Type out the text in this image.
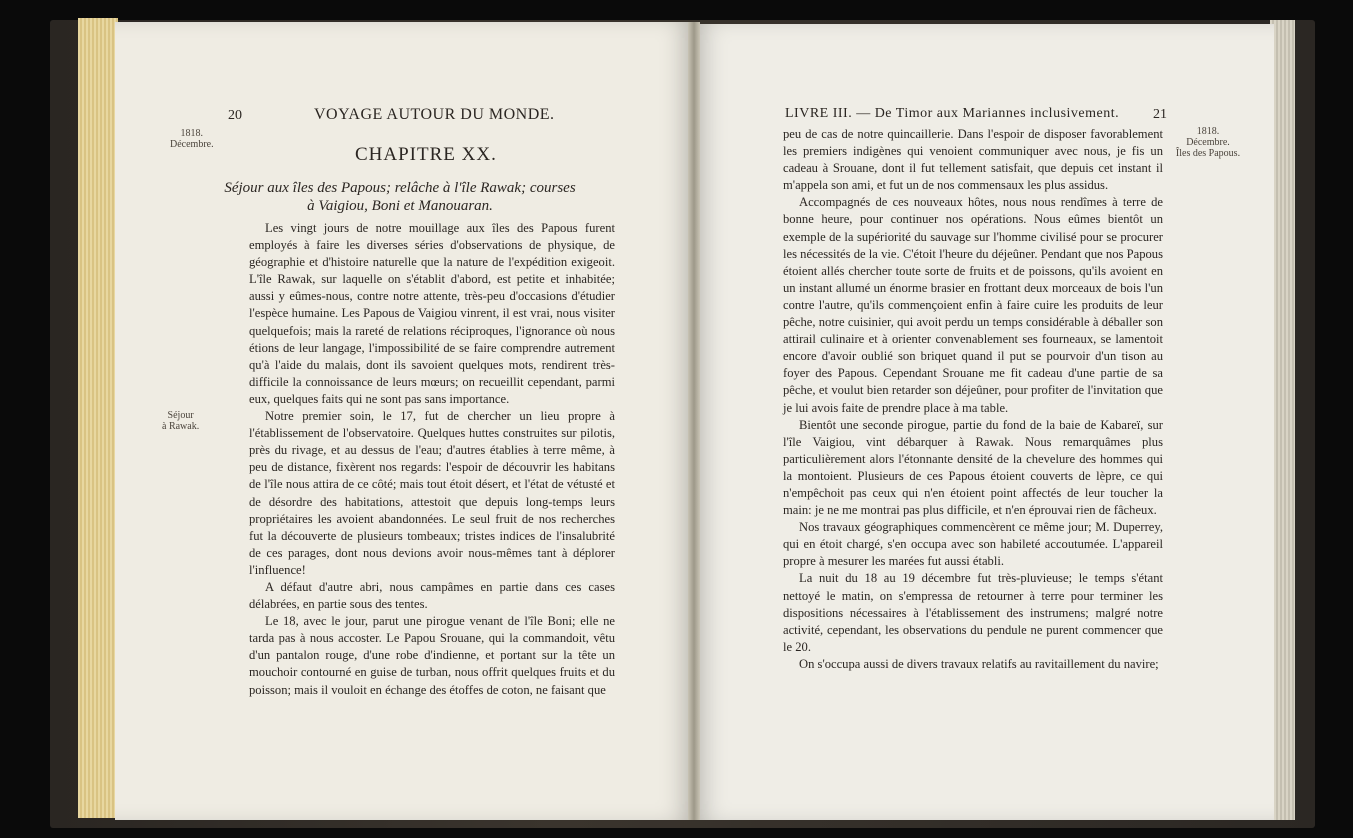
20	VOYAGE AUTOUR DU MONDE.
1818.
Décembre.	CHAPITRE XX.
Séjour aux îles des Papous; relâche à l'île Rawak; courses
à Vaigiou, Boni et Manouaran.
Séjour
à Rawak.

Les vingt jours de notre mouillage aux îles des Papous furent employés à faire les diverses séries d'observations de physique, de géographie et d'histoire naturelle que la nature de l'expédition exigeoit. L'île Rawak, sur laquelle on s'établit d'abord, est petite et inhabitée; aussi y eûmes-nous, contre notre attente, très-peu d'occasions d'étudier l'espèce humaine. Les Papous de Vaigiou vinrent, il est vrai, nous visiter quelquefois; mais la rareté de relations réciproques, l'ignorance où nous étions de leur langage, l'impossibilité de se faire comprendre autrement qu'à l'aide du malais, dont ils savoient quelques mots, rendirent très-difficile la connoissance de leurs mœurs; on recueillit cependant, parmi eux, quelques faits qui ne sont pas sans importance.

Notre premier soin, le 17, fut de chercher un lieu propre à l'établissement de l'observatoire. Quelques huttes construites sur pilotis, près du rivage, et au dessus de l'eau; d'autres établies à terre même, à peu de distance, fixèrent nos regards: l'espoir de découvrir les habitans de l'île nous attira de ce côté; mais tout étoit désert, et l'état de vétusté et de désordre des habitations, attestoit que depuis long-temps leurs propriétaires les avoient abandonnées. Le seul fruit de nos recherches fut la découverte de plusieurs tombeaux; tristes indices de l'insalubrité de ces parages, dont nous devions avoir nous-mêmes tant à déplorer l'influence!

A défaut d'autre abri, nous campâmes en partie dans ces cases délabrées, en partie sous des tentes.

Le 18, avec le jour, parut une pirogue venant de l'île Boni; elle ne tarda pas à nous accoster. Le Papou Srouane, qui la commandoit, vêtu d'un pantalon rouge, d'une robe d'indienne, et portant sur la tête un mouchoir contourné en guise de turban, nous offrit quelques fruits et du poisson; mais il vouloit en échange des étoffes de coton, ne faisant que

LIVRE III. — De Timor aux Mariannes inclusivement. 21
1818.
Décembre.
Îles des Papous.

peu de cas de notre quincaillerie. Dans l'espoir de disposer favorablement les premiers indigènes qui venoient communiquer avec nous, je fis un cadeau à Srouane, dont il fut tellement satisfait, que depuis cet instant il m'appela son ami, et fut un de nos commensaux les plus assidus.

Accompagnés de ces nouveaux hôtes, nous nous rendîmes à terre de bonne heure, pour continuer nos opérations. Nous eûmes bientôt un exemple de la supériorité du sauvage sur l'homme civilisé pour se procurer les nécessités de la vie. C'étoit l'heure du déjeûner. Pendant que nos Papous étoient allés chercher toute sorte de fruits et de poissons, qu'ils avoient en un instant allumé un énorme brasier en frottant deux morceaux de bois l'un contre l'autre, qu'ils commençoient enfin à faire cuire les produits de leur pêche, notre cuisinier, qui avoit perdu un temps considérable à déballer son attirail culinaire et à orienter convenablement ses fourneaux, se lamentoit encore d'avoir oublié son briquet quand il put se pourvoir d'un tison au foyer des Papous. Cependant Srouane me fit cadeau d'une partie de sa pêche, et voulut bien retarder son déjeûner, pour profiter de l'invitation que je lui avois faite de prendre place à ma table.

Bientôt une seconde pirogue, partie du fond de la baie de Kabareï, sur l'île Vaigiou, vint débarquer à Rawak. Nous remarquâmes plus particulièrement alors l'étonnante densité de la chevelure des hommes qui la montoient. Plusieurs de ces Papous étoient couverts de lèpre, ce qui n'empêchoit pas ceux qui n'en étoient point affectés de leur toucher la main: je ne me montrai pas plus difficile, et n'en éprouvai rien de fâcheux.

Nos travaux géographiques commencèrent ce même jour; M. Duperrey, qui en étoit chargé, s'en occupa avec son habileté accoutumée. L'appareil propre à mesurer les marées fut aussi établi.

La nuit du 18 au 19 décembre fut très-pluvieuse; le temps s'étant nettoyé le matin, on s'empressa de retourner à terre pour terminer les dispositions nécessaires à l'établissement des instrumens; malgré notre activité, cependant, les observations du pendule ne purent commencer que le 20.

On s'occupa aussi de divers travaux relatifs au ravitaillement du navire;
